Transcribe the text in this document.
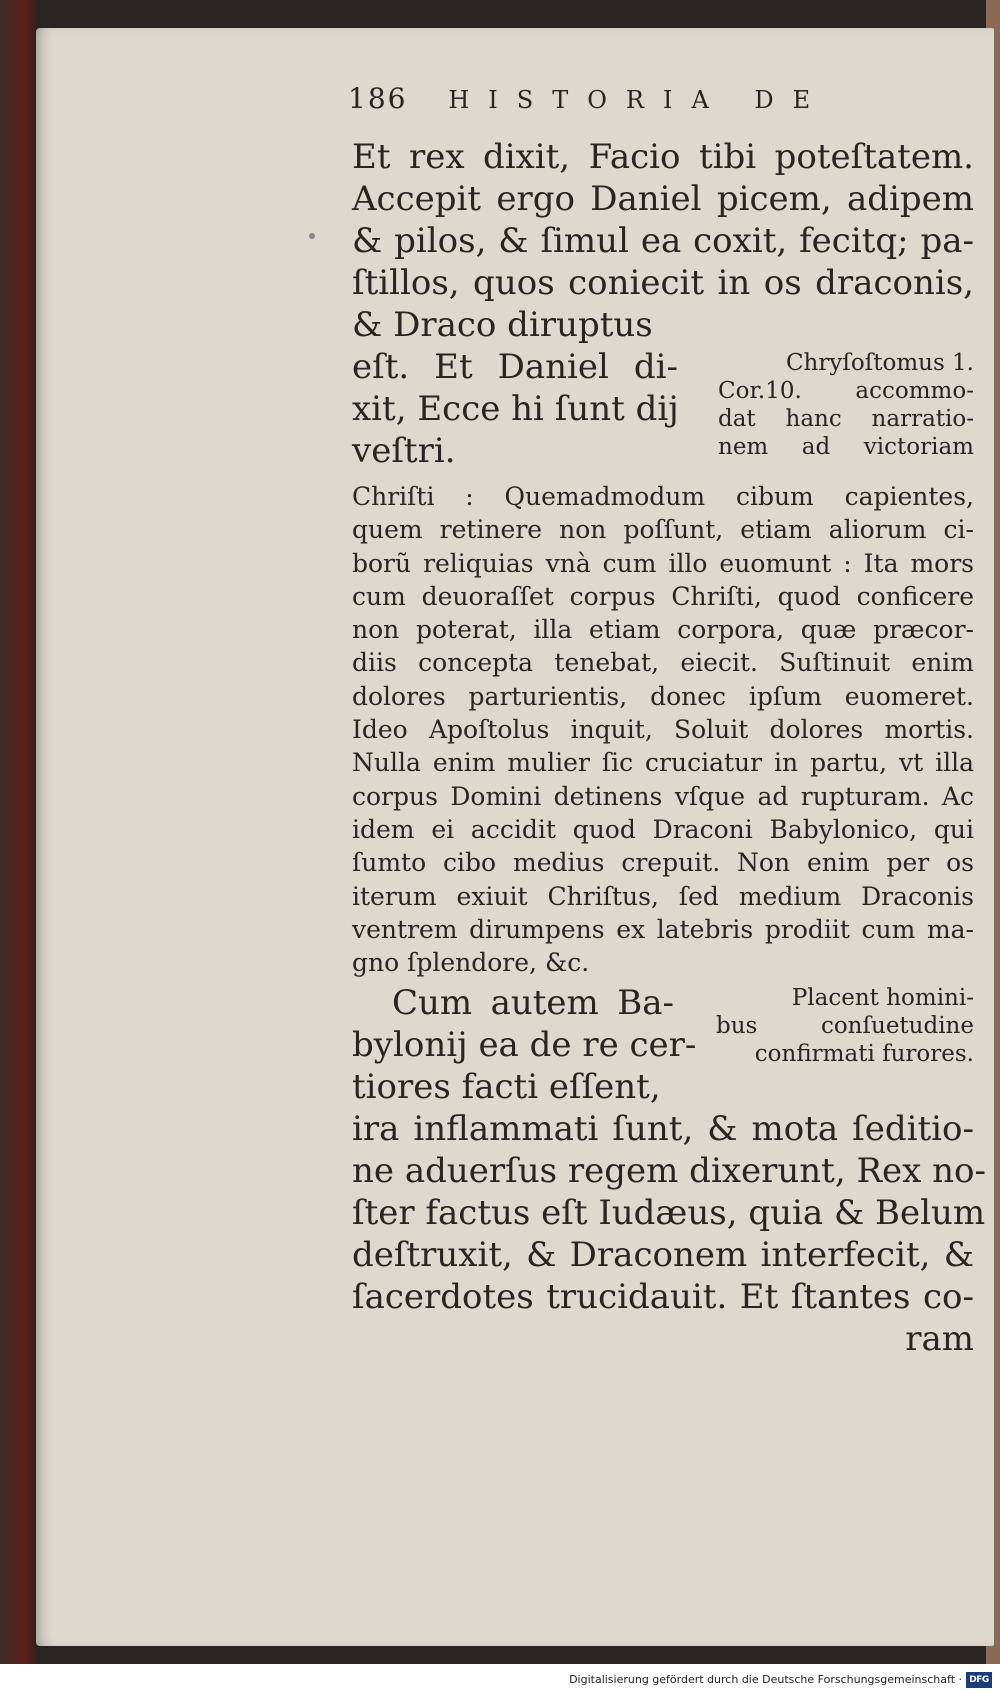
186 HISTORIA DE
Et rex dixit, Facio tibi poteſtatem.
Accepit ergo Daniel picem, adipem
& pilos, & ſimul ea coxit, fecitq; pa-
ſtillos, quos coniecit in os draconis,
& Draco diruptus
eſt. Et Daniel di-
xit, Ecce hi ſunt dij
veſtri.
Chryſoſtomus 1.
Cor.10. accommo-
dat hanc narratio-
nem ad victoriam
Chriſti : Quemadmodum cibum capientes,
quem retinere non poſſunt, etiam aliorum ci-
borũ reliquias vnà cum illo euomunt : Ita mors
cum deuoraſſet corpus Chriſti, quod conficere
non poterat, illa etiam corpora, quæ præcor-
diis concepta tenebat, eiecit. Suſtinuit enim
dolores parturientis, donec ipſum euomeret.
Ideo Apoſtolus inquit, Soluit dolores mortis.
Nulla enim mulier ſic cruciatur in partu, vt illa
corpus Domini detinens vſque ad rupturam. Ac
idem ei accidit quod Draconi Babylonico, qui
ſumto cibo medius crepuit. Non enim per os
iterum exiuit Chriſtus, ſed medium Draconis
ventrem dirumpens ex latebris prodiit cum ma-
gno ſplendore, &c.
Cum autem Ba-
bylonij ea de re cer-
tiores facti eſſent,
Placent homini-
bus conſuetudine
confirmati furores.
ira inflammati ſunt, & mota ſeditio-
ne aduerſus regem dixerunt, Rex no-
ſter factus eſt Iudæus, quia & Belum
deſtruxit, & Draconem interfecit, &
ſacerdotes trucidauit. Et ſtantes co-
ram
Digitalisierung gefördert durch die Deutsche Forschungsgemeinschaft · DFG
